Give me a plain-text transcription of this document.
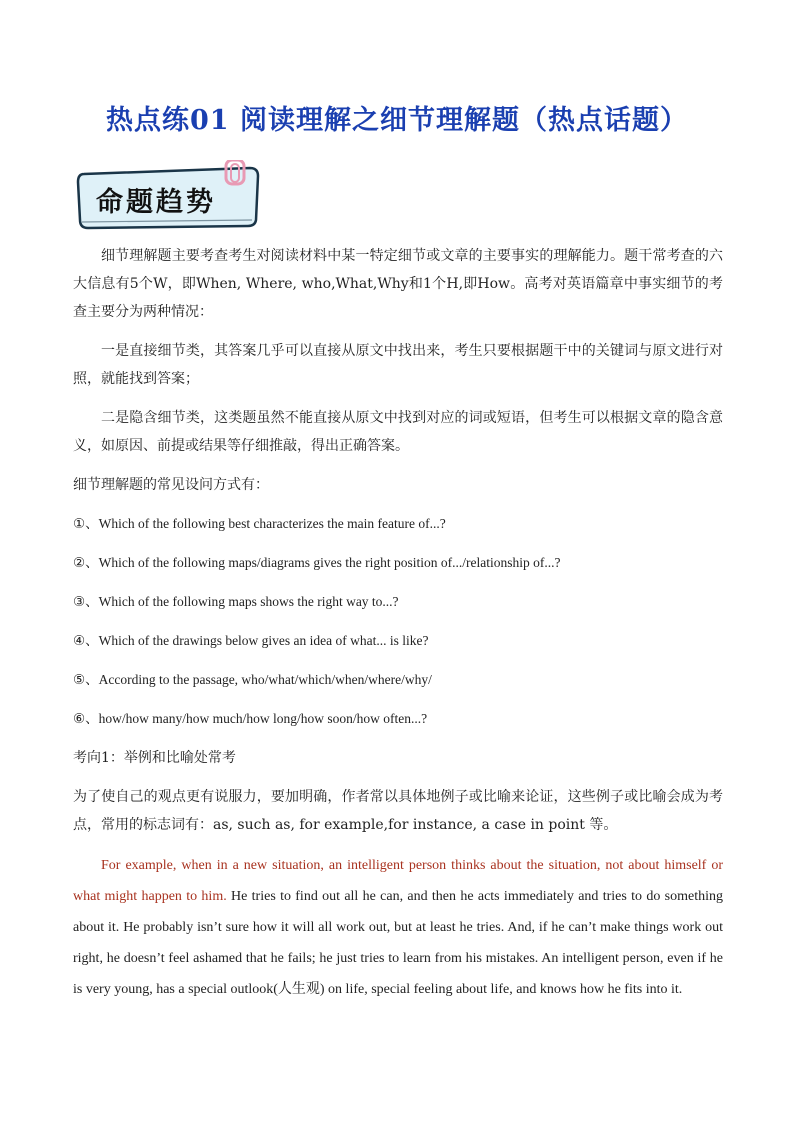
热点练01 阅读理解之细节理解题（热点话题）
命题趋势

细节理解题主要考查考生对阅读材料中某一特定细节或文章的主要事实的理解能力。题干常考查的六大信息有5个W，即When, Where, who,What,Why和1个H,即How。高考对英语篇章中事实细节的考查主要分为两种情况：

一是直接细节类，其答案几乎可以直接从原文中找出来，考生只要根据题干中的关键词与原文进行对照，就能找到答案；

二是隐含细节类，这类题虽然不能直接从原文中找到对应的词或短语，但考生可以根据文章的隐含意义，如原因、前提或结果等仔细推敲，得出正确答案。

细节理解题的常见设问方式有：

①、Which of the following best characterizes the main feature of...?

②、Which of the following maps/diagrams gives the right position of.../relationship of...?

③、Which of the following maps shows the right way to...?

④、Which of the drawings below gives an idea of what... is like?

⑤、According to the passage, who/what/which/when/where/why/

⑥、how/how many/how much/how long/how soon/how often...?

考向1：举例和比喻处常考

为了使自己的观点更有说服力，要加明确，作者常以具体地例子或比喻来论证，这些例子或比喻会成为考点，常用的标志词有：as, such as, for example,for instance, a case in point 等。

For example, when in a new situation, an intelligent person thinks about the situation, not about himself or what might happen to him. He tries to find out all he can, and then he acts immediately and tries to do something about it. He probably isn’t sure how it will all work out, but at least he tries. And, if he can’t make things work out right, he doesn’t feel ashamed that he fails; he just tries to learn from his mistakes. An intelligent person, even if he is very young, has a special outlook(人生观) on life, special feeling about life, and knows how he fits into it.
